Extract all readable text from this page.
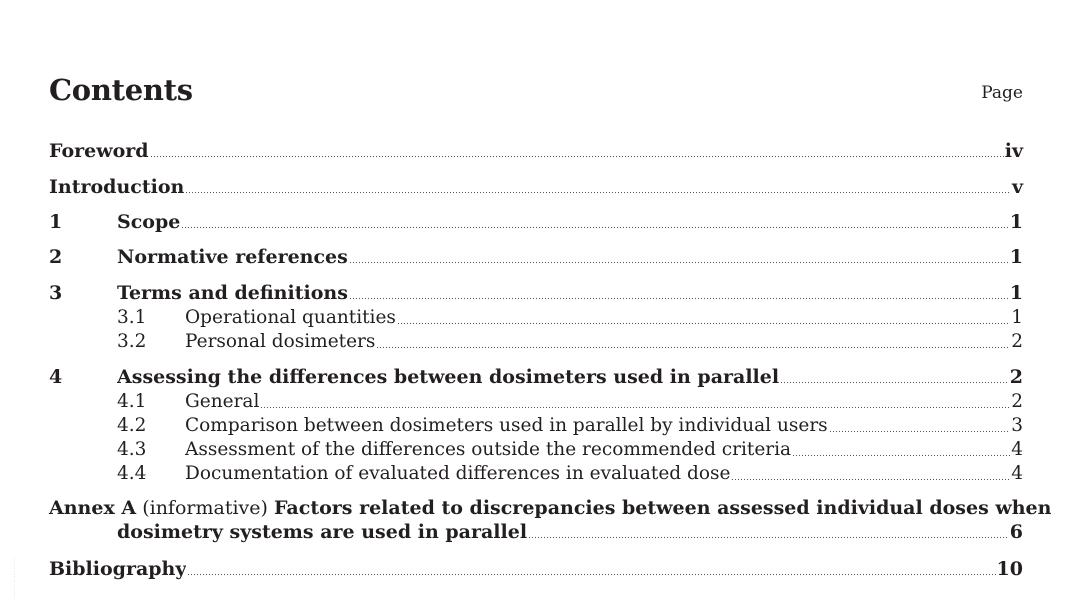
Contents	Page
Foreword	iv
Introduction	v
1	Scope	1
2	Normative references	1
3	Terms and definitions	1
3.1	Operational quantities	1
3.2	Personal dosimeters	2
4	Assessing the differences between dosimeters used in parallel	2
4.1	General	2
4.2	Comparison between dosimeters used in parallel by individual users	3
4.3	Assessment of the differences outside the recommended criteria	4
4.4	Documentation of evaluated differences in evaluated dose	4
Annex A (informative) Factors related to discrepancies between assessed individual doses when
dosimetry systems are used in parallel	6
Bibliography	10
················
